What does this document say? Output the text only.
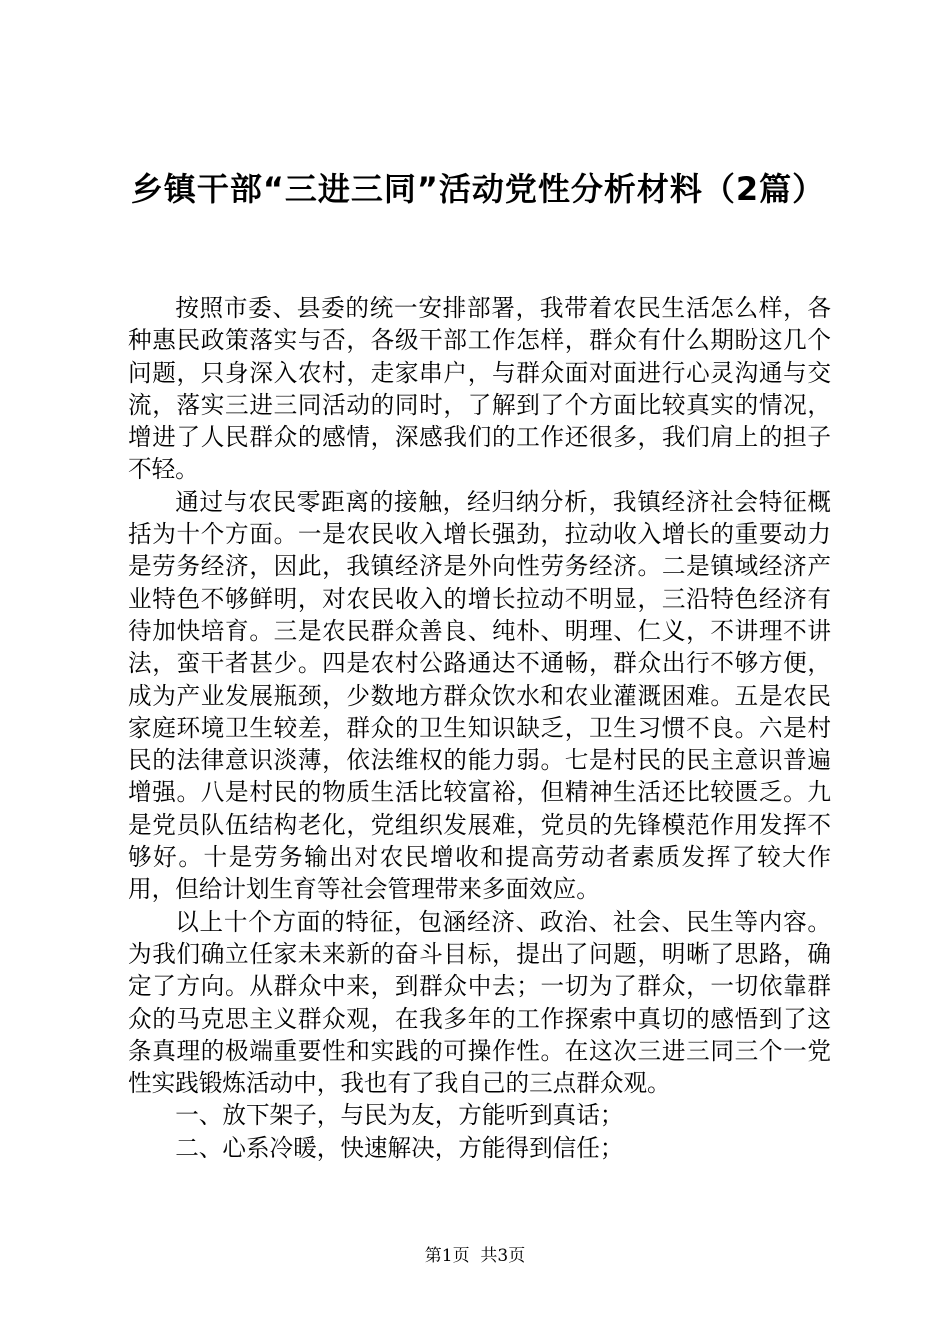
乡镇干部“三进三同”活动党性分析材料（2篇）

按照市委、县委的统一安排部署，我带着农民生活怎么样，各种惠民政策落实与否，各级干部工作怎样，群众有什么期盼这几个问题，只身深入农村，走家串户，与群众面对面进行心灵沟通与交流，落实三进三同活动的同时，了解到了个方面比较真实的情况，增进了人民群众的感情，深感我们的工作还很多，我们肩上的担子不轻。

通过与农民零距离的接触，经归纳分析，我镇经济社会特征概括为十个方面。一是农民收入增长强劲，拉动收入增长的重要动力是劳务经济，因此，我镇经济是外向性劳务经济。二是镇域经济产业特色不够鲜明，对农民收入的增长拉动不明显，三沿特色经济有待加快培育。三是农民群众善良、纯朴、明理、仁义，不讲理不讲法，蛮干者甚少。四是农村公路通达不通畅，群众出行不够方便，成为产业发展瓶颈，少数地方群众饮水和农业灌溉困难。五是农民家庭环境卫生较差，群众的卫生知识缺乏，卫生习惯不良。六是村民的法律意识淡薄，依法维权的能力弱。七是村民的民主意识普遍增强。八是村民的物质生活比较富裕，但精神生活还比较匮乏。九是党员队伍结构老化，党组织发展难，党员的先锋模范作用发挥不够好。十是劳务输出对农民增收和提高劳动者素质发挥了较大作用，但给计划生育等社会管理带来多面效应。

以上十个方面的特征，包涵经济、政治、社会、民生等内容。为我们确立任家未来新的奋斗目标，提出了问题，明晰了思路，确定了方向。从群众中来，到群众中去；一切为了群众，一切依靠群众的马克思主义群众观，在我多年的工作探索中真切的感悟到了这条真理的极端重要性和实践的可操作性。在这次三进三同三个一党性实践锻炼活动中，我也有了我自己的三点群众观。

一、放下架子，与民为友，方能听到真话；

二、心系冷暖，快速解决，方能得到信任；

第1页  共3页
